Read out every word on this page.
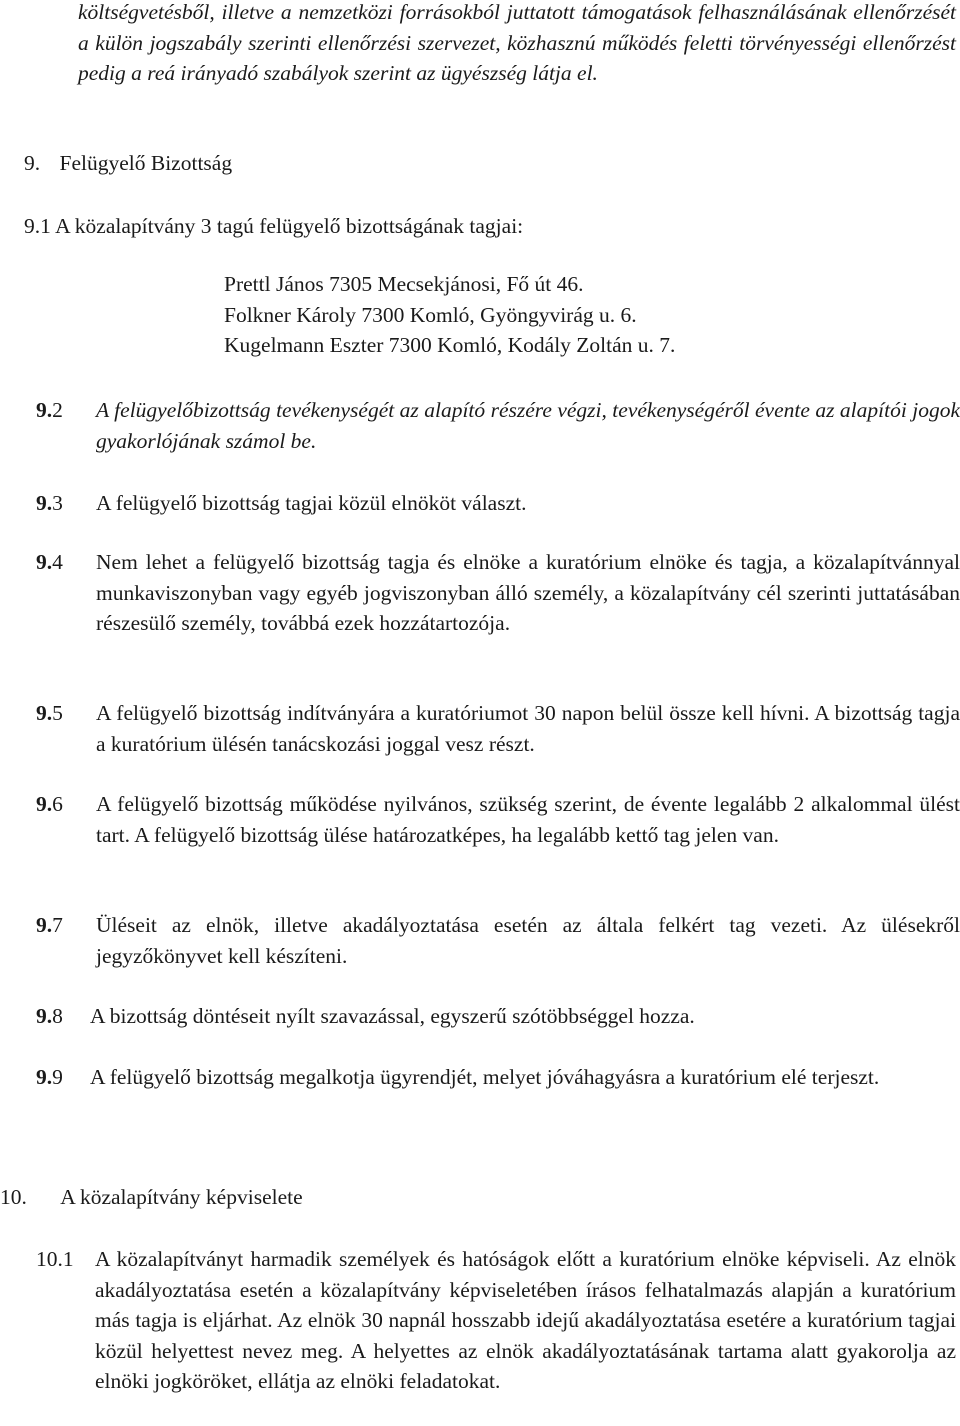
költségvetésből, illetve a nemzetközi forrásokból juttatott támogatások felhasználásának ellenőrzését a külön jogszabály szerinti ellenőrzési szervezet, közhasznú működés feletti törvényességi ellenőrzést pedig a reá irányadó szabályok szerint az ügyészség látja el.
9. Felügyelő Bizottság
9.1 A közalapítvány 3 tagú felügyelő bizottságának tagjai:
Prettl János 7305 Mecsekjánosi, Fő út 46.
Folkner Károly 7300 Komló, Gyöngyvirág u. 6.
Kugelmann Eszter 7300 Komló, Kodály Zoltán u. 7.
9.2 A felügyelőbizottság tevékenységét az alapító részére végzi, tevékenységéről évente az alapítói jogok gyakorlójának számol be.
9.3 A felügyelő bizottság tagjai közül elnököt választ.
9.4 Nem lehet a felügyelő bizottság tagja és elnöke a kuratórium elnöke és tagja, a közalapítvánnyal munkaviszonyban vagy egyéb jogviszonyban álló személy, a közalapítvány cél szerinti juttatásában részesülő személy, továbbá ezek hozzátartozója.
9.5 A felügyelő bizottság indítványára a kuratóriumot 30 napon belül össze kell hívni. A bizottság tagja a kuratórium ülésén tanácskozási joggal vesz részt.
9.6 A felügyelő bizottság működése nyilvános, szükség szerint, de évente legalább 2 alkalommal ülést tart. A felügyelő bizottság ülése határozatképes, ha legalább kettő tag jelen van.
9.7 Üléseit az elnök, illetve akadályoztatása esetén az általa felkért tag vezeti. Az ülésekről jegyzőkönyvet kell készíteni.
9.8 A bizottság döntéseit nyílt szavazással, egyszerű szótöbbséggel hozza.
9.9 A felügyelő bizottság megalkotja ügyrendjét, melyet jóváhagyásra a kuratórium elé terjeszt.
10. A közalapítvány képviselete
10.1 A közalapítványt harmadik személyek és hatóságok előtt a kuratórium elnöke képviseli. Az elnök akadályoztatása esetén a közalapítvány képviseletében írásos felhatalmazás alapján a kuratórium más tagja is eljárhat. Az elnök 30 napnál hosszabb idejű akadályoztatása esetére a kuratórium tagjai közül helyettest nevez meg. A helyettes az elnök akadályoztatásának tartama alatt gyakorolja az elnöki jogköröket, ellátja az elnöki feladatokat.
